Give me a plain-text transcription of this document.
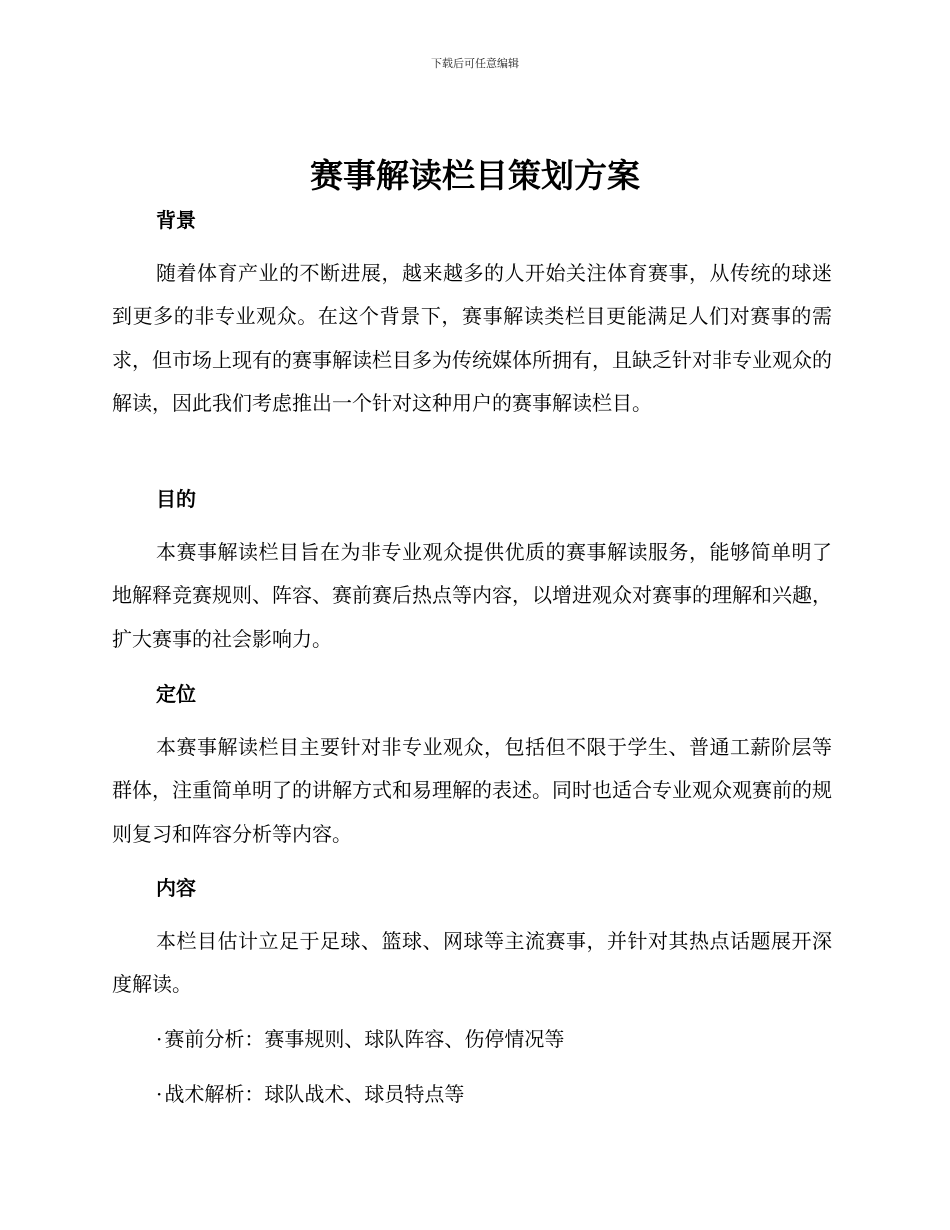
下载后可任意编辑

赛事解读栏目策划方案
背景

随着体育产业的不断进展，越来越多的人开始关注体育赛事，从传统的球迷到更多的非专业观众。在这个背景下，赛事解读类栏目更能满足人们对赛事的需求，但市场上现有的赛事解读栏目多为传统媒体所拥有，且缺乏针对非专业观众的解读，因此我们考虑推出一个针对这种用户的赛事解读栏目。

目的

本赛事解读栏目旨在为非专业观众提供优质的赛事解读服务，能够简单明了地解释竞赛规则、阵容、赛前赛后热点等内容，以增进观众对赛事的理解和兴趣，扩大赛事的社会影响力。

定位

本赛事解读栏目主要针对非专业观众，包括但不限于学生、普通工薪阶层等群体，注重简单明了的讲解方式和易理解的表述。同时也适合专业观众观赛前的规则复习和阵容分析等内容。

内容

本栏目估计立足于足球、篮球、网球等主流赛事，并针对其热点话题展开深度解读。

· 赛前分析：赛事规则、球队阵容、伤停情况等

· 战术解析：球队战术、球员特点等
